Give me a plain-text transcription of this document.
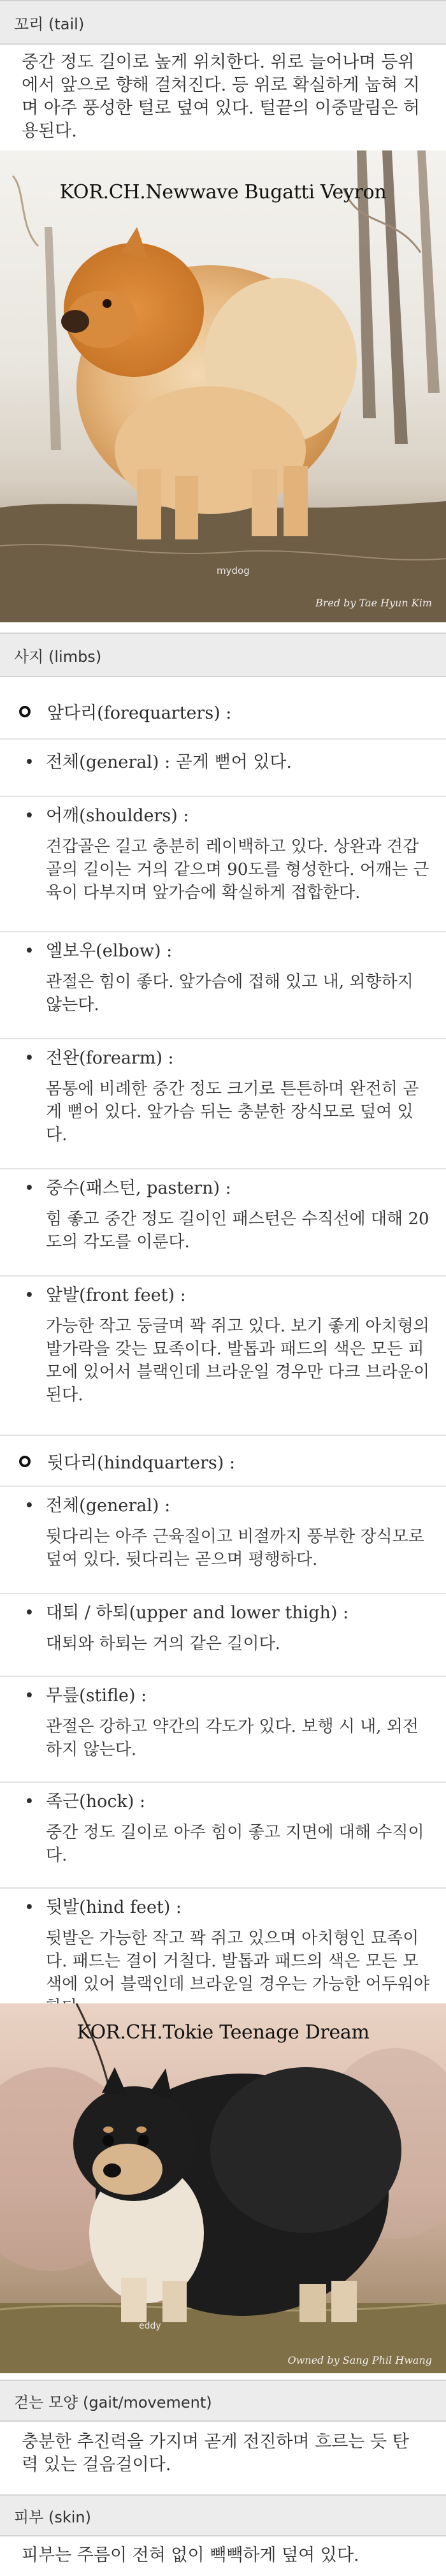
꼬리 (tail)
중간 정도 길이로 높게 위치한다. 위로 늘어나며 등위에서 앞으로 향해 걸쳐진다. 등 위로 확실하게 눕혀 지며 아주 풍성한 털로 덮여 있다. 털끝의 이중말림은 허용된다.
KOR.CH.Newwave Bugatti Veyron
mydog
Bred by Tae Hyun Kim
사지 (limbs)
앞다리(forequarters) :
• 전체(general) : 곧게 뻗어 있다.
• 어깨(shoulders) :
견갑골은 길고 충분히 레이백하고 있다. 상완과 견갑골의 길이는 거의 같으며 90도를 형성한다. 어깨는 근육이 다부지며 앞가슴에 확실하게 접합한다.
• 엘보우(elbow) :
관절은 힘이 좋다. 앞가슴에 접해 있고 내, 외향하지 않는다.
• 전완(forearm) :
몸통에 비례한 중간 정도 크기로 튼튼하며 완전히 곧게 뻗어 있다. 앞가슴 뒤는 충분한 장식모로 덮여 있다.
• 중수(패스턴, pastern) :
힘 좋고 중간 정도 길이인 패스턴은 수직선에 대해 20도의 각도를 이룬다.
• 앞발(front feet) :
가능한 작고 둥글며 꽉 쥐고 있다. 보기 좋게 아치형의 발가락을 갖는 묘족이다. 발톱과 패드의 색은 모든 피모에 있어서 블랙인데 브라운일 경우만 다크 브라운이 된다.
뒷다리(hindquarters) :
• 전체(general) :
뒷다리는 아주 근육질이고 비절까지 풍부한 장식모로 덮여 있다. 뒷다리는 곧으며 평행하다.
• 대퇴 / 하퇴(upper and lower thigh) :
대퇴와 하퇴는 거의 같은 길이다.
• 무릎(stifle) :
관절은 강하고 약간의 각도가 있다. 보행 시 내, 외전 하지 않는다.
• 족근(hock) :
중간 정도 길이로 아주 힘이 좋고 지면에 대해 수직이다.
• 뒷발(hind feet) :
뒷발은 가능한 작고 꽉 쥐고 있으며 아치형인 묘족이다. 패드는 결이 거칠다. 발톱과 패드의 색은 모든 모색에 있어 블랙인데 브라운일 경우는 가능한 어두워야
KOR.CH.Tokie Teenage Dream
eddy
Owned by Sang Phil Hwang
걷는 모양 (gait/movement)
충분한 추진력을 가지며 곧게 전진하며 흐르는 듯 탄력 있는 걸음걸이다.
피부 (skin)
피부는 주름이 전혀 없이 빽빽하게 덮여 있다.
